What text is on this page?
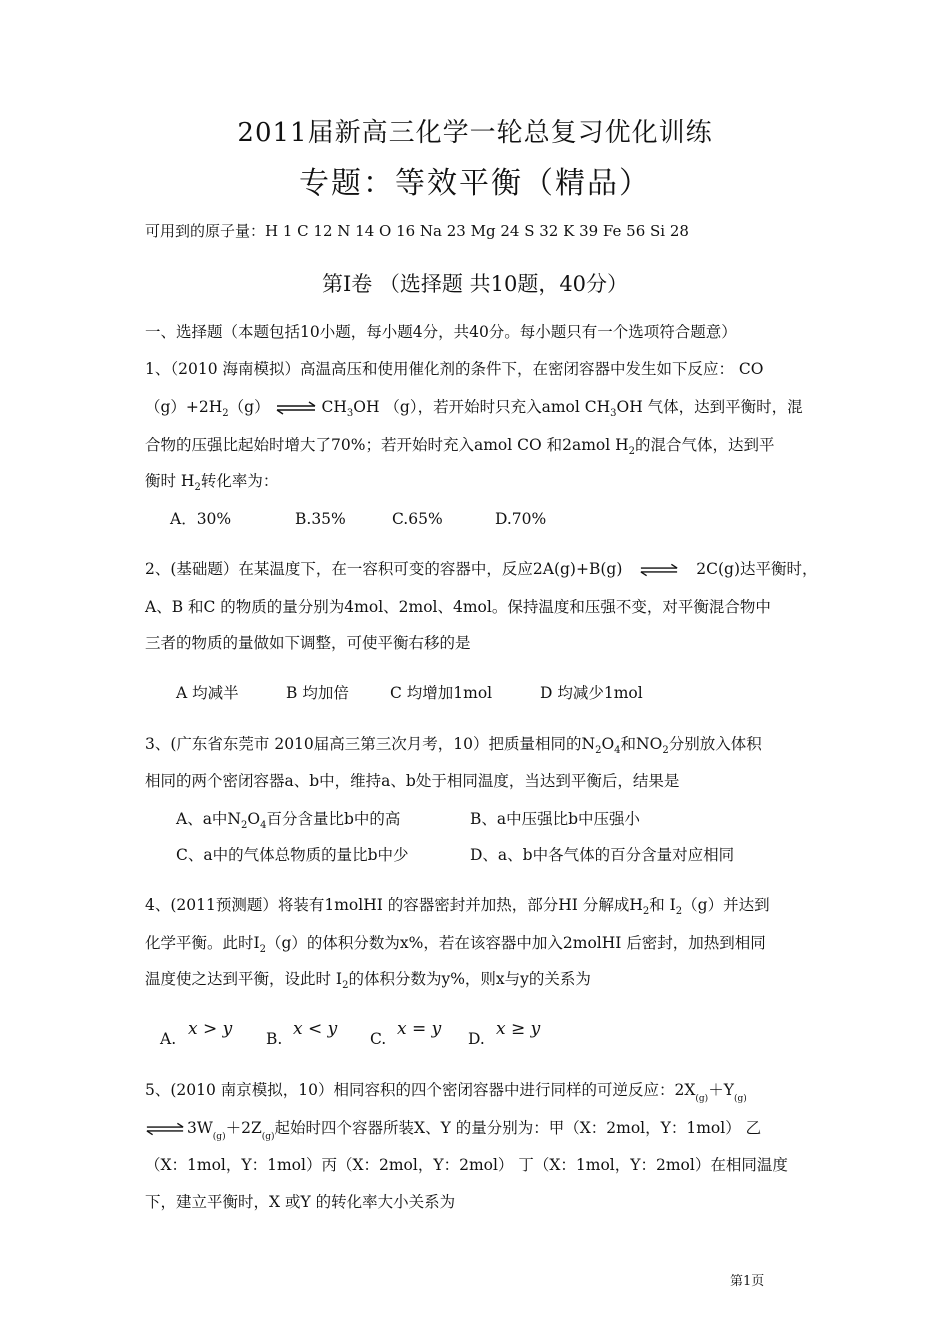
2011届新高三化学一轮总复习优化训练
专题：等效平衡（精品）
可用到的原子量：H 1 C 12 N 14 O 16 Na 23 Mg 24 S 32 K 39 Fe 56 Si 28
第Ⅰ卷 （选择题 共10题，40分）
一、选择题（本题包括10小题，每小题4分，共40分。每小题只有一个选项符合题意）
1、（2010 海南模拟）高温高压和使用催化剂的条件下，在密闭容器中发生如下反应： CO
$(g)+2H_2(g)$ ⇌ $CH_3OH$ （g），若开始时只充入amol $CH_3OH$ 气体，达到平衡时，混
合物的压强比起始时增大了70%；若开始时充入amol CO 和2amol $H_2$的混合气体，达到平
衡时 $H_2$转化率为：
A．30%	B.35%	C.65%	D.70%
2、(基础题）在某温度下，在一容积可变的容器中，反应2A(g)+B(g) ⇌ 2C(g)达平衡时，
A、B 和C 的物质的量分别为4mol、2mol、4mol。保持温度和压强不变，对平衡混合物中
三者的物质的量做如下调整，可使平衡右移的是
A 均减半	B 均加倍	C 均增加1mol	D 均减少1mol
3、(广东省东莞市 2010届高三第三次月考，10）把质量相同的$N_2O_4$和$NO_2$分别放入体积
相同的两个密闭容器a、b中，维持a、b处于相同温度，当达到平衡后，结果是
A、a中$N_2O_4$百分含量比b中的高	B、a中压强比b中压强小
C、a中的气体总物质的量比b中少	D、a、b中各气体的百分含量对应相同
4、(2011预测题）将装有1molHI 的容器密封并加热，部分HI 分解成$H_2$和 $I_2(g)$并达到
化学平衡。此时$I_2(g)$的体积分数为x%，若在该容器中加入2molHI 后密封，加热到相同
温度使之达到平衡，设此时 $I_2$的体积分数为y%，则x与y的关系为
A. x > y B. x < y C. x = y D. x ≥ y
5、(2010 南京模拟，10）相同容积的四个密闭容器中进行同样的可逆反应：$2X_{(g)}+Y_{(g)}$
⇌ $3W_{(g)}+2Z_{(g)}$起始时四个容器所装X、Y 的量分别为：甲（X：2mol，Y：1mol） 乙
（X：1mol，Y：1mol）丙（X：2mol，Y：2mol） 丁（X：1mol，Y：2mol）在相同温度
下，建立平衡时，X 或Y 的转化率大小关系为
第1页
